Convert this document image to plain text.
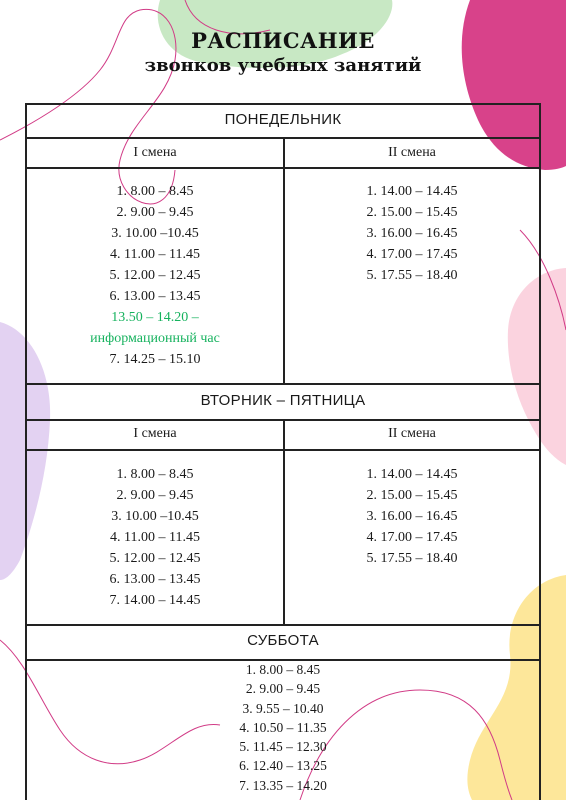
РАСПИСАНИЕ
звонков учебных занятий
ПОНЕДЕЛЬНИК
I смена	II смена
1. 8.00 – 8.45
2. 9.00 – 9.45
3. 10.00 –10.45
4. 11.00 – 11.45
5. 12.00 – 12.45
6. 13.00 – 13.45
13.50 – 14.20 –
информационный час
7. 14.25 – 15.10
1. 14.00 – 14.45
2. 15.00 – 15.45
3. 16.00 – 16.45
4. 17.00 – 17.45
5. 17.55 – 18.40
ВТОРНИК – ПЯТНИЦА
I смена	II смена
1. 8.00 – 8.45
2. 9.00 – 9.45
3. 10.00 –10.45
4. 11.00 – 11.45
5. 12.00 – 12.45
6. 13.00 – 13.45
7. 14.00 – 14.45
1. 14.00 – 14.45
2. 15.00 – 15.45
3. 16.00 – 16.45
4. 17.00 – 17.45
5. 17.55 – 18.40
СУББОТА
1. 8.00 – 8.45
2. 9.00 – 9.45
3. 9.55 – 10.40
4. 10.50 – 11.35
5. 11.45 – 12.30
6. 12.40 – 13.25
7. 13.35 – 14.20
